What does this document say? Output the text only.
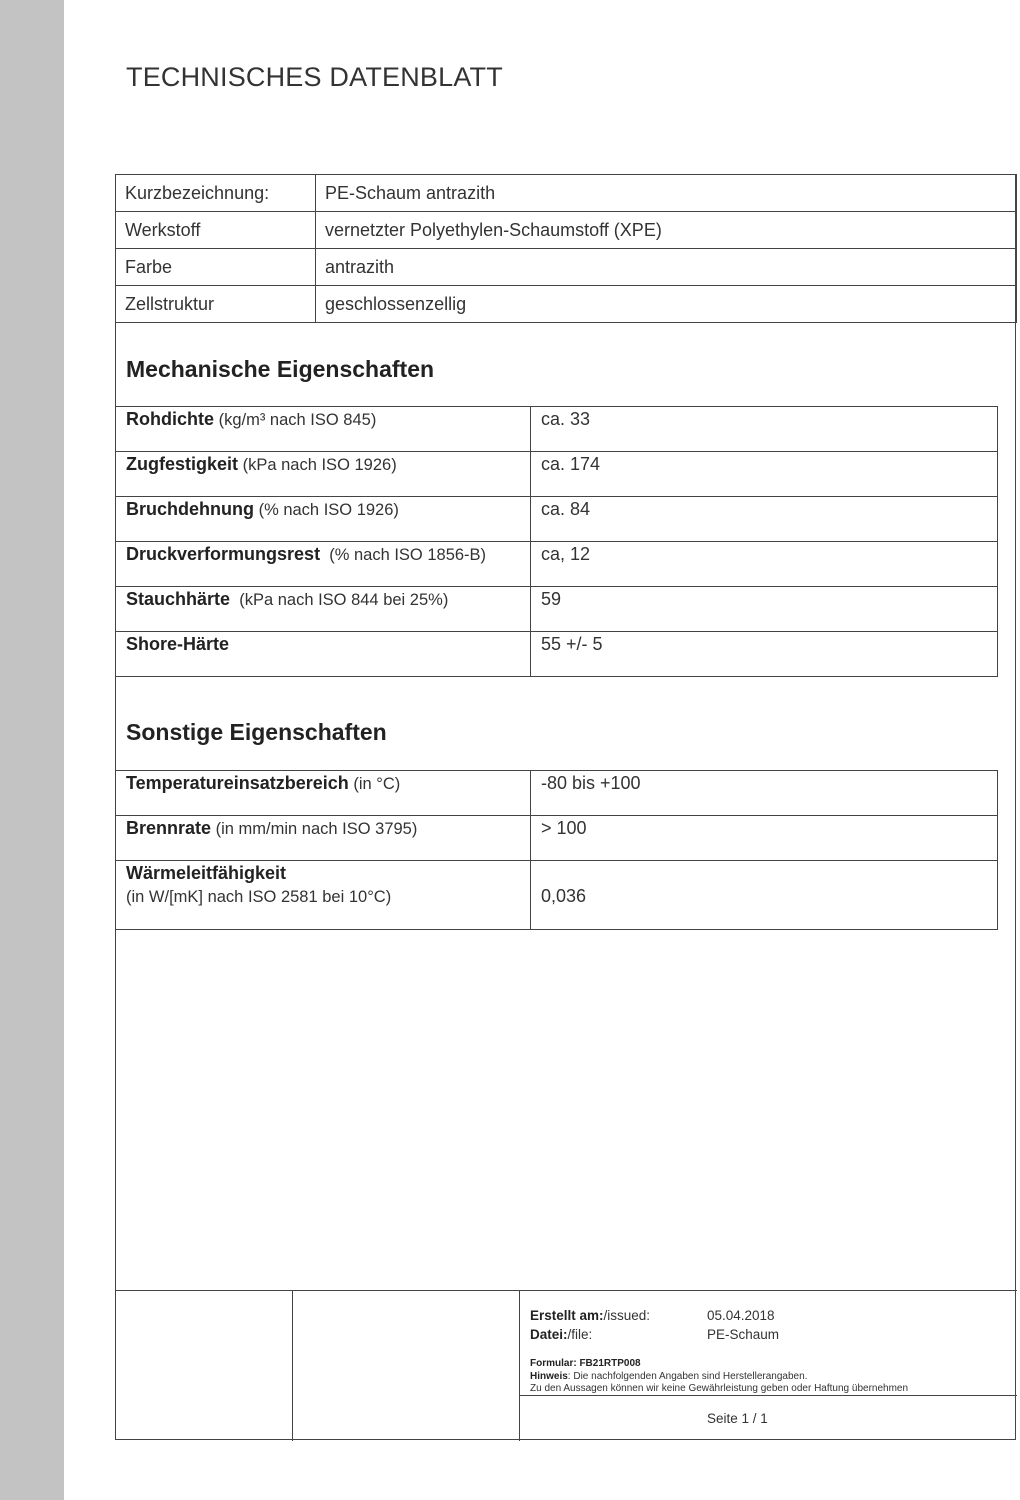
TECHNISCHES DATENBLATT
Kurzbezeichnung:	PE-Schaum antrazith
Werkstoff	vernetzter Polyethylen-Schaumstoff (XPE)
Farbe	antrazith
Zellstruktur	geschlossenzellig
Mechanische Eigenschaften
Rohdichte (kg/m³ nach ISO 845)	ca. 33
Zugfestigkeit (kPa nach ISO 1926)	ca. 174
Bruchdehnung (% nach ISO 1926)	ca. 84
Druckverformungsrest  (% nach ISO 1856-B)	ca, 12
Stauchhärte  (kPa nach ISO 844 bei 25%)	59
Shore-Härte	55 +/- 5
Sonstige Eigenschaften
Temperatureinsatzbereich (in °C)	-80 bis +100
Brennrate (in mm/min nach ISO 3795)	> 100
Wärmeleitfähigkeit
(in W/[mK] nach ISO 2581 bei 10°C)	0,036
Erstellt am:/issued:	05.04.2018
Datei:/file:	PE-Schaum
Formular: FB21RTP008
Hinweis: Die nachfolgenden Angaben sind Herstellerangaben.
Zu den Aussagen können wir keine Gewährleistung geben oder Haftung übernehmen
Seite 1 / 1
